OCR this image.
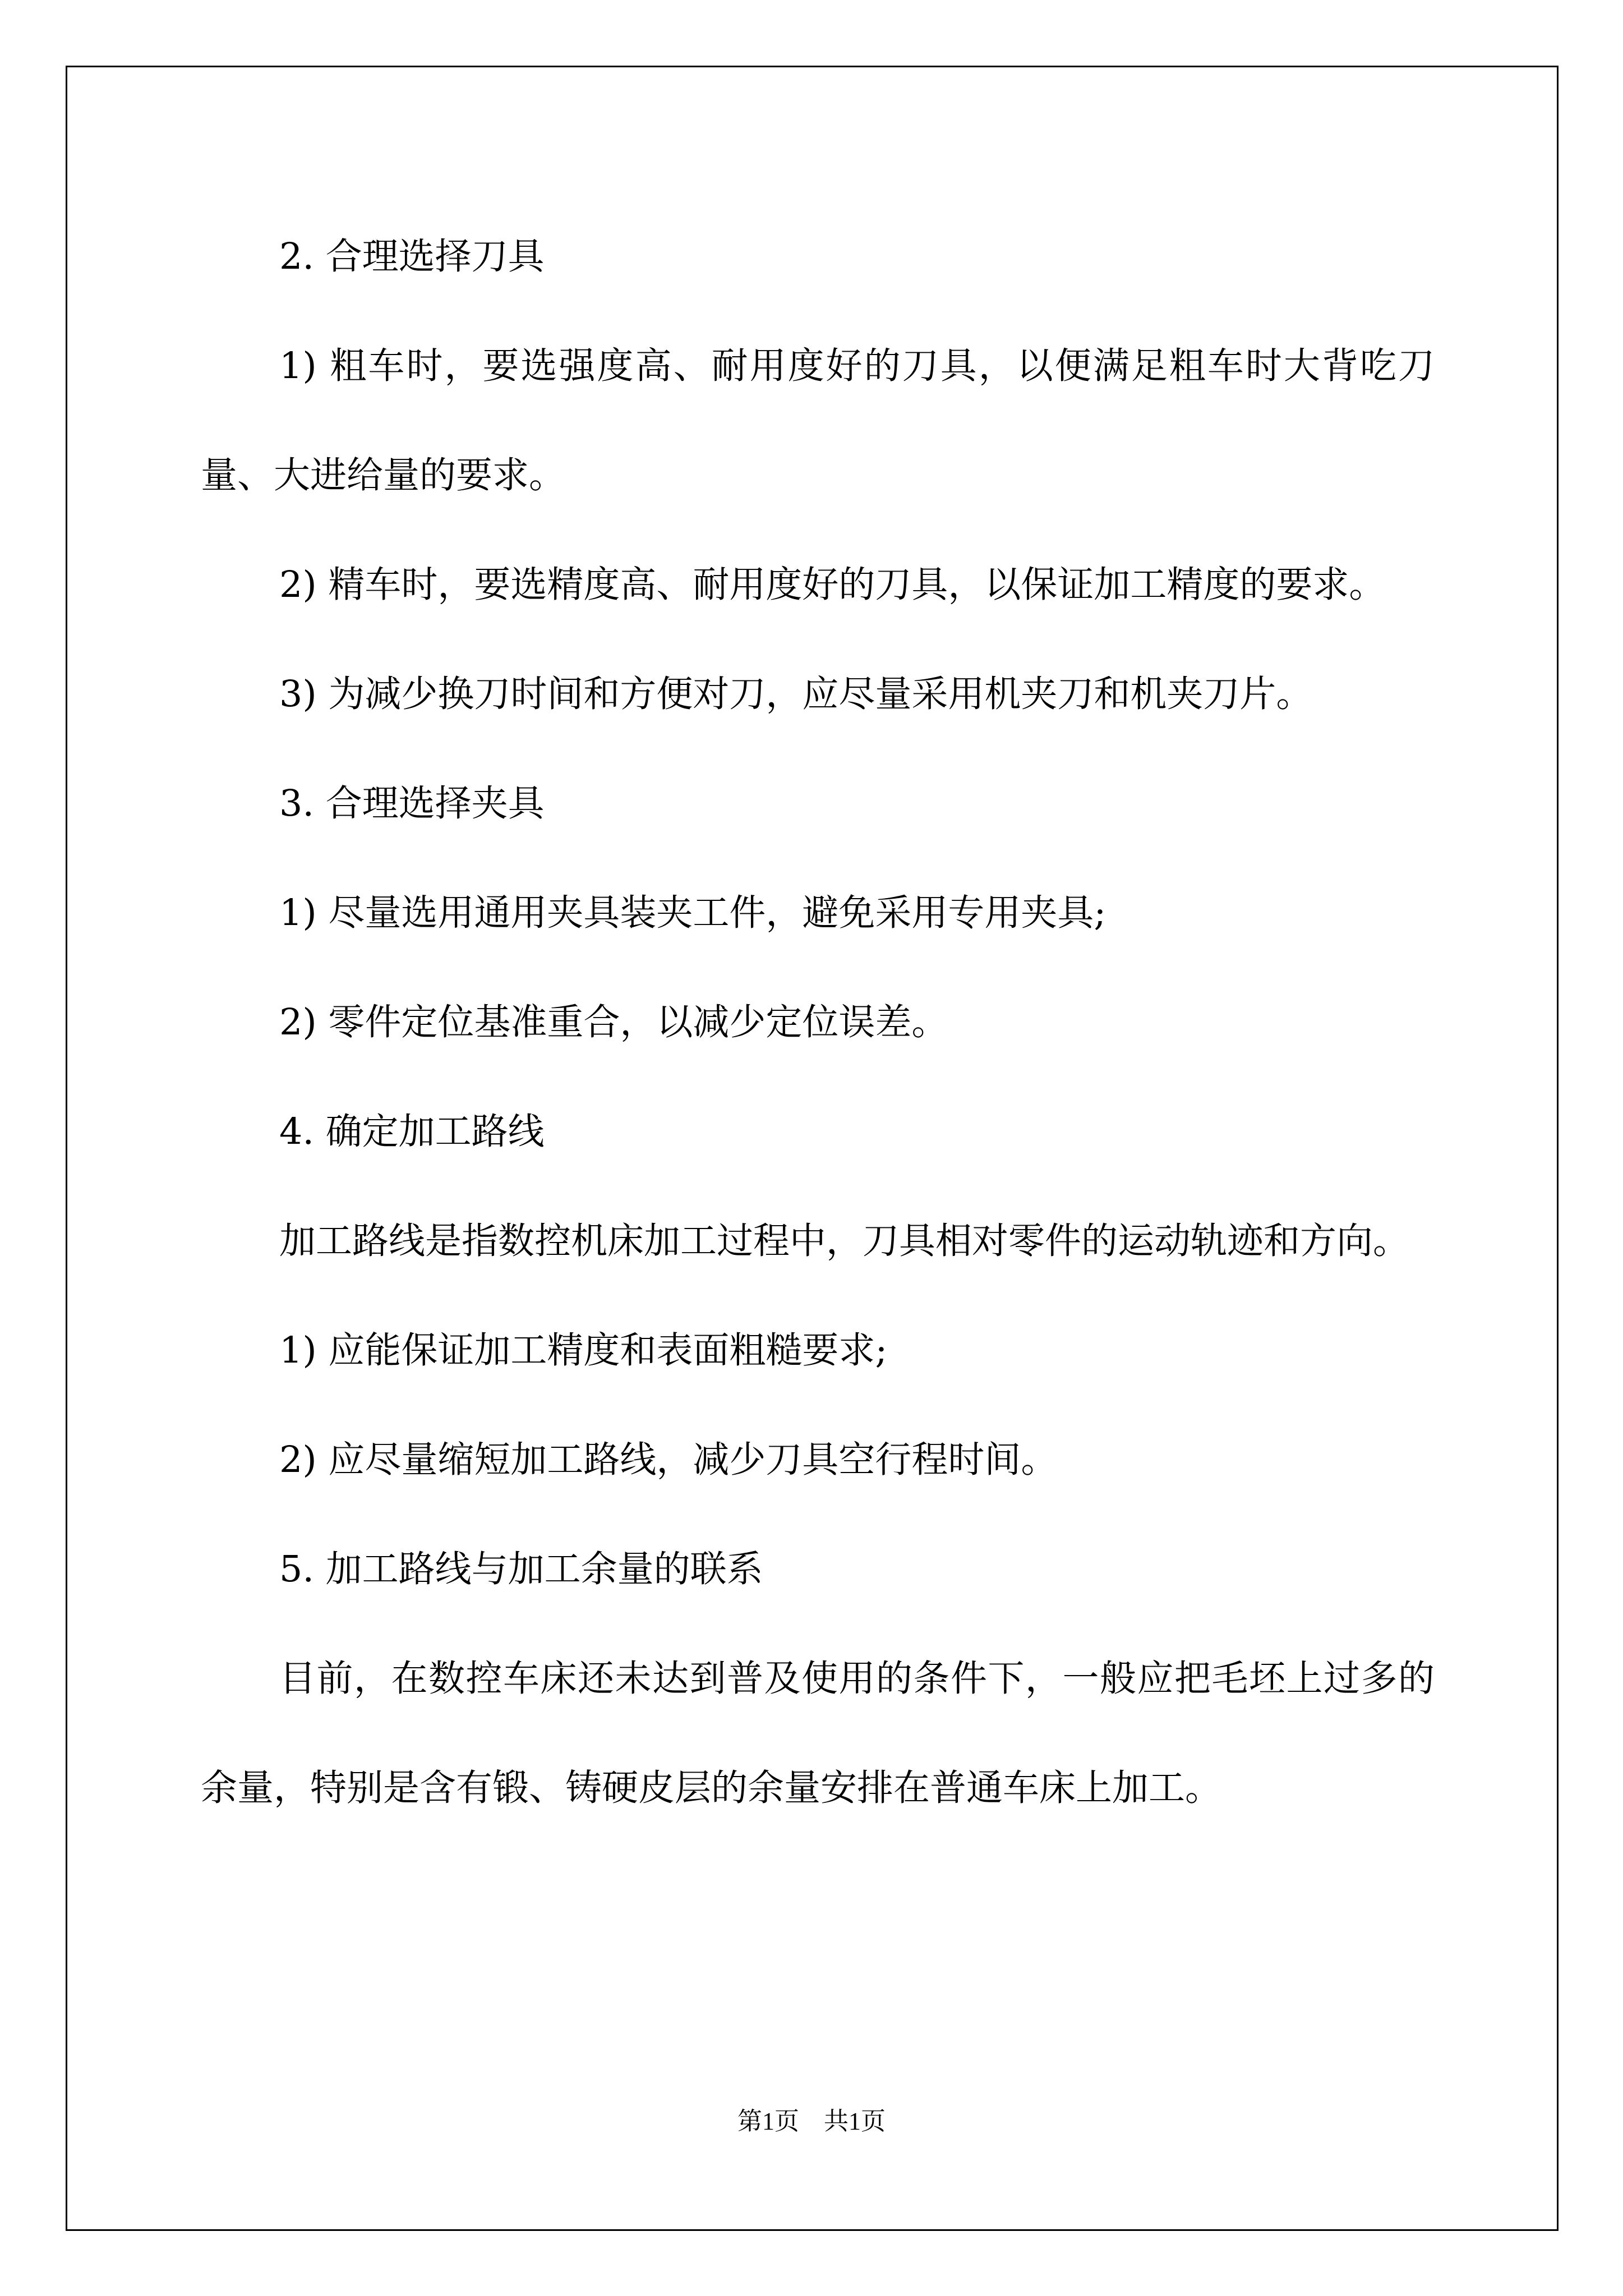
2. 合理选择刀具

1) 粗车时，要选强度高、耐用度好的刀具，以便满足粗车时大背吃刀量、大进给量的要求。

2) 精车时，要选精度高、耐用度好的刀具，以保证加工精度的要求。

3) 为减少换刀时间和方便对刀，应尽量采用机夹刀和机夹刀片。

3. 合理选择夹具

1) 尽量选用通用夹具装夹工件，避免采用专用夹具;

2) 零件定位基准重合，以减少定位误差。

4. 确定加工路线

加工路线是指数控机床加工过程中，刀具相对零件的运动轨迹和方向。

1) 应能保证加工精度和表面粗糙要求;

2) 应尽量缩短加工路线，减少刀具空行程时间。

5. 加工路线与加工余量的联系

目前，在数控车床还未达到普及使用的条件下，一般应把毛坯上过多的余量，特别是含有锻、铸硬皮层的余量安排在普通车床上加工。

第1页 共1页
